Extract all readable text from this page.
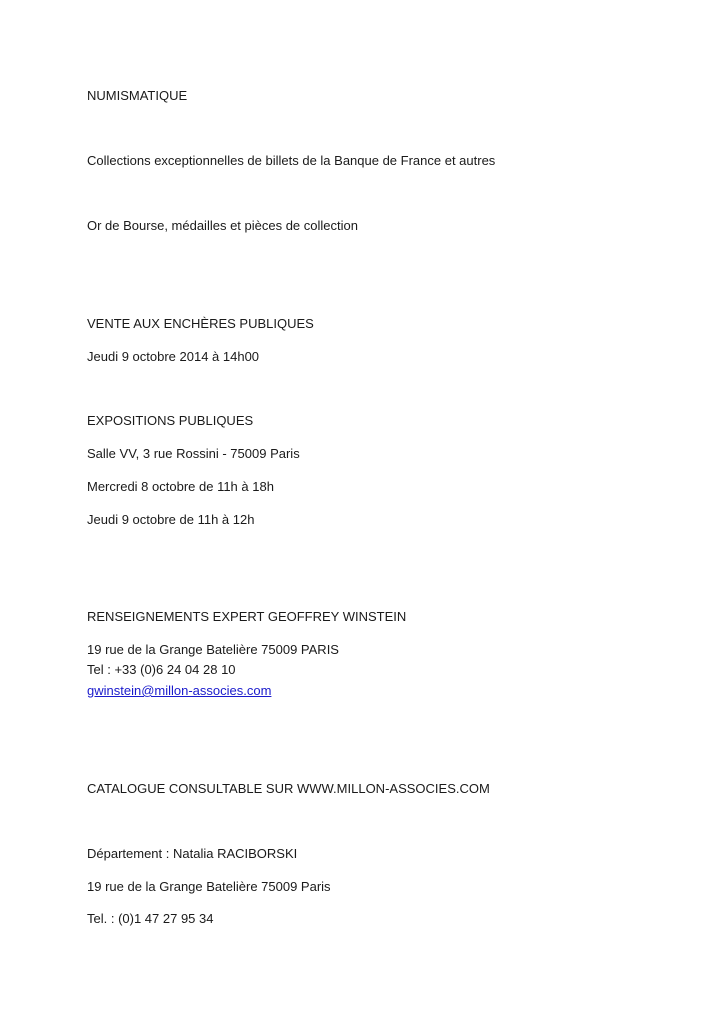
NUMISMATIQUE
Collections exceptionnelles de billets de la Banque de France et autres
Or de Bourse, médailles et pièces de collection
VENTE AUX ENCHÈRES PUBLIQUES
Jeudi 9 octobre 2014 à 14h00
EXPOSITIONS PUBLIQUES
Salle VV, 3 rue Rossini - 75009 Paris
Mercredi 8 octobre de 11h à 18h
Jeudi 9 octobre de 11h à 12h
RENSEIGNEMENTS EXPERT GEOFFREY WINSTEIN
19 rue de la Grange Batelière 75009 PARIS
Tel : +33 (0)6 24 04 28 10
gwinstein@millon-associes.com
CATALOGUE CONSULTABLE SUR WWW.MILLON-ASSOCIES.COM
Département : Natalia RACIBORSKI
19 rue de la Grange Batelière 75009 Paris
Tel. : (0)1 47 27 95 34
